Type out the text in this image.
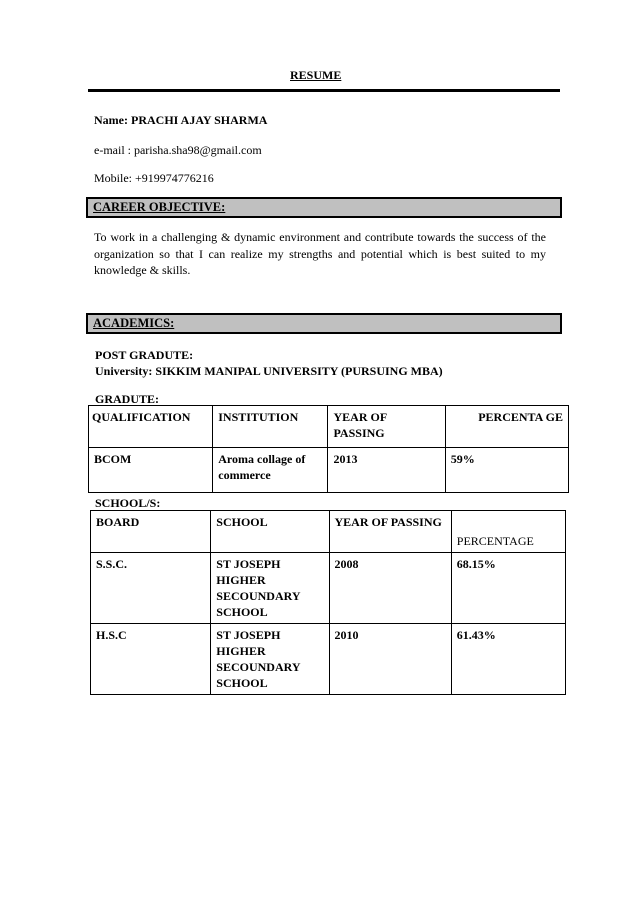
RESUME
Name: PRACHI AJAY SHARMA
e-mail : parisha.sha98@gmail.com
Mobile: +919974776216
CAREER OBJECTIVE:
To work in a challenging & dynamic environment and contribute towards the success of the organization so that I can realize my strengths and potential which is best suited to my knowledge & skills.
ACADEMICS:
POST GRADUTE:
University: SIKKIM MANIPAL UNIVERSITY (PURSUING MBA)
GRADUTE:
QUALIFICATION	INSTITUTION	YEAR OF PASSING	PERCENTA GE
BCOM	Aroma collage of commerce	2013	59%
SCHOOL/S:
BOARD	SCHOOL	YEAR OF PASSING	PERCENTAGE
S.S.C.	ST JOSEPH HIGHER SECOUNDARY SCHOOL	2008	68.15%
H.S.C	ST JOSEPH HIGHER SECOUNDARY SCHOOL	2010	61.43%
